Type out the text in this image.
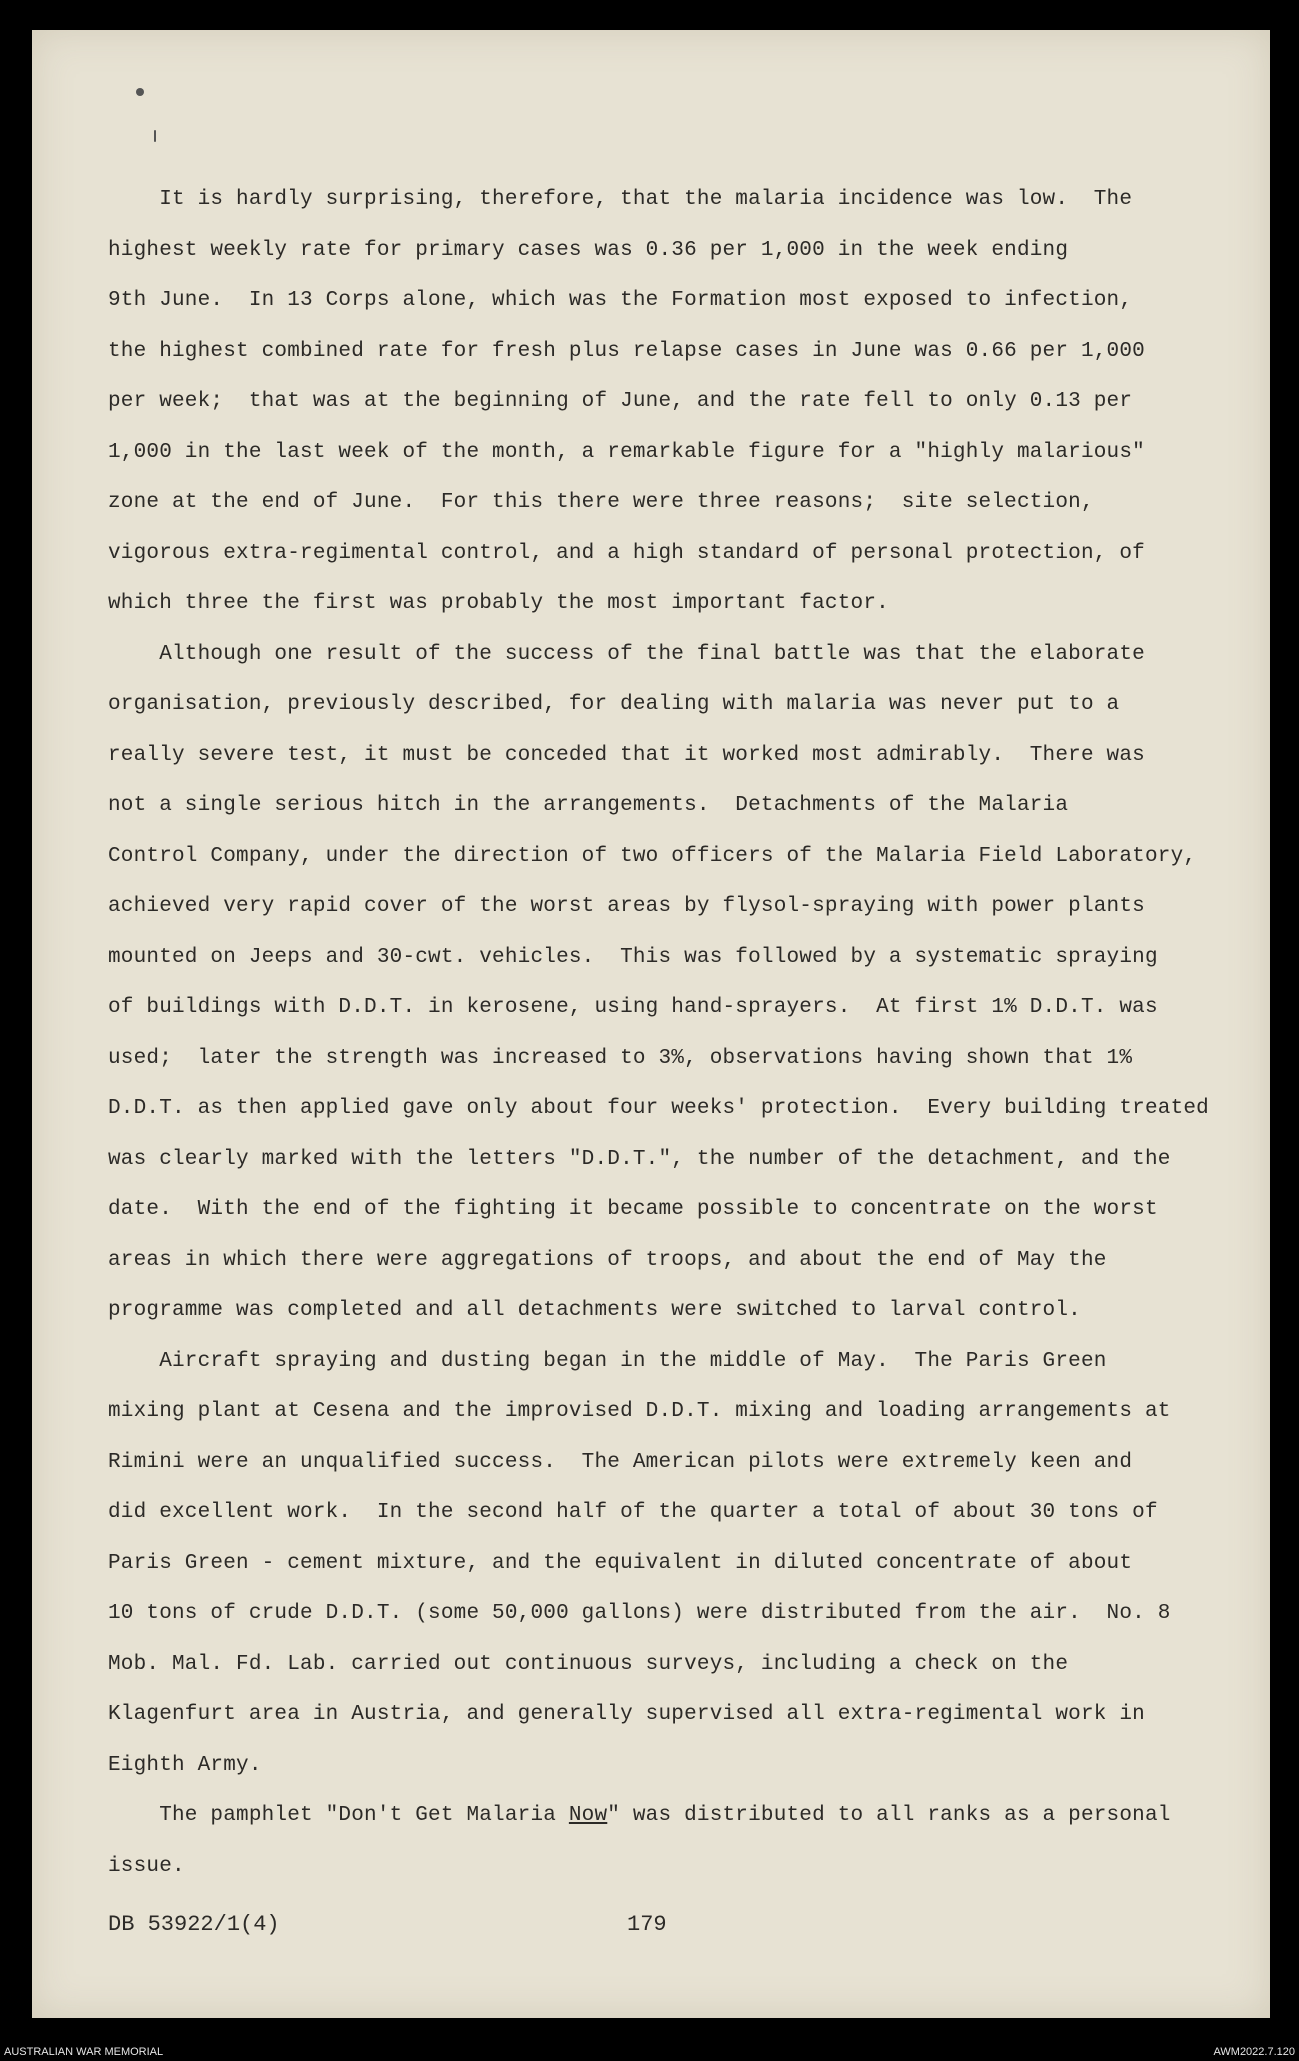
It is hardly surprising, therefore, that the malaria incidence was low.  The
highest weekly rate for primary cases was 0.36 per 1,000 in the week ending
9th June.  In 13 Corps alone, which was the Formation most exposed to infection,
the highest combined rate for fresh plus relapse cases in June was 0.66 per 1,000
per week;  that was at the beginning of June, and the rate fell to only 0.13 per
1,000 in the last week of the month, a remarkable figure for a "highly malarious"
zone at the end of June.  For this there were three reasons;  site selection,
vigorous extra-regimental control, and a high standard of personal protection, of
which three the first was probably the most important factor.
Although one result of the success of the final battle was that the elaborate
organisation, previously described, for dealing with malaria was never put to a
really severe test, it must be conceded that it worked most admirably.  There was
not a single serious hitch in the arrangements.  Detachments of the Malaria
Control Company, under the direction of two officers of the Malaria Field Laboratory,
achieved very rapid cover of the worst areas by flysol-spraying with power plants
mounted on Jeeps and 30-cwt. vehicles.  This was followed by a systematic spraying
of buildings with D.D.T. in kerosene, using hand-sprayers.  At first 1% D.D.T. was
used;  later the strength was increased to 3%, observations having shown that 1%
D.D.T. as then applied gave only about four weeks' protection.  Every building treated
was clearly marked with the letters "D.D.T.", the number of the detachment, and the
date.  With the end of the fighting it became possible to concentrate on the worst
areas in which there were aggregations of troops, and about the end of May the
programme was completed and all detachments were switched to larval control.
Aircraft spraying and dusting began in the middle of May.  The Paris Green
mixing plant at Cesena and the improvised D.D.T. mixing and loading arrangements at
Rimini were an unqualified success.  The American pilots were extremely keen and
did excellent work.  In the second half of the quarter a total of about 30 tons of
Paris Green - cement mixture, and the equivalent in diluted concentrate of about
10 tons of crude D.D.T. (some 50,000 gallons) were distributed from the air.  No. 8
Mob. Mal. Fd. Lab. carried out continuous surveys, including a check on the
Klagenfurt area in Austria, and generally supervised all extra-regimental work in
Eighth Army.
The pamphlet "Don't Get Malaria Now" was distributed to all ranks as a personal
issue.
DB 53922/1(4)	179
AUSTRALIAN WAR MEMORIAL	AWM2022.7.120
